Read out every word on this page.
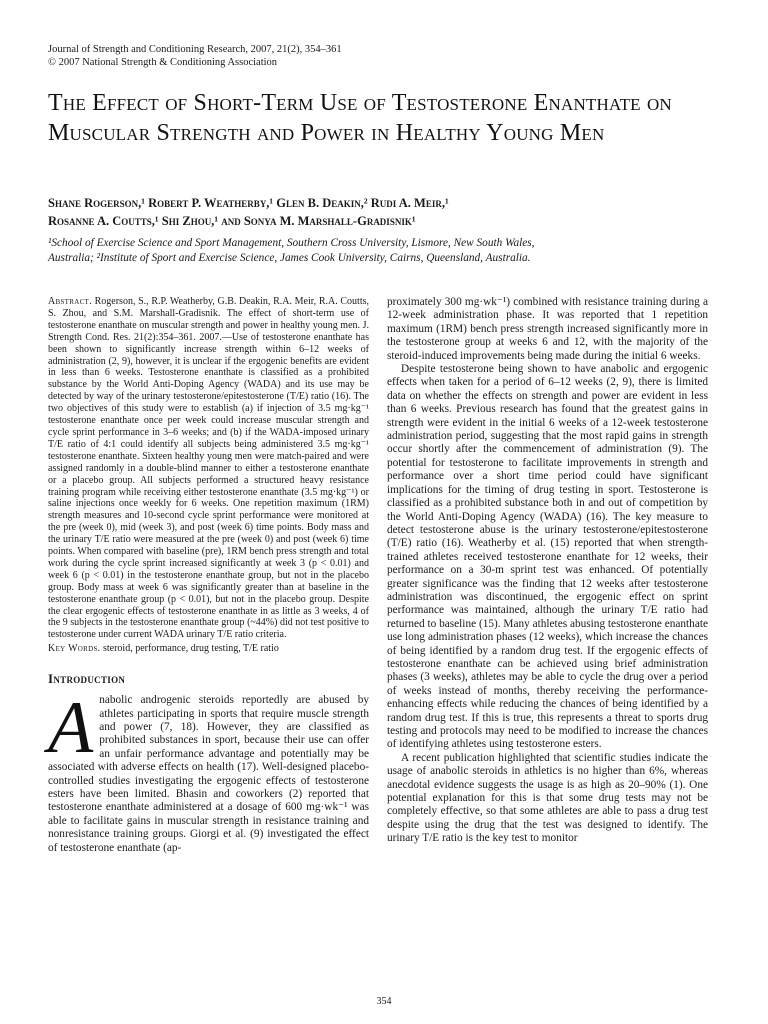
Journal of Strength and Conditioning Research, 2007, 21(2), 354–361
© 2007 National Strength & Conditioning Association
The Effect of Short-Term Use of Testosterone Enanthate on Muscular Strength and Power in Healthy Young Men
Shane Rogerson,¹ Robert P. Weatherby,¹ Glen B. Deakin,² Rudi A. Meir,¹
Rosanne A. Coutts,¹ Shi Zhou,¹ and Sonya M. Marshall-Gradisnik¹
¹School of Exercise Science and Sport Management, Southern Cross University, Lismore, New South Wales,
Australia; ²Institute of Sport and Exercise Science, James Cook University, Cairns, Queensland, Australia.
Abstract. Rogerson, S., R.P. Weatherby, G.B. Deakin, R.A. Meir, R.A. Coutts, S. Zhou, and S.M. Marshall-Gradisnik. The effect of short-term use of testosterone enanthate on muscular strength and power in healthy young men. J. Strength Cond. Res. 21(2):354–361. 2007.—Use of testosterone enanthate has been shown to significantly increase strength within 6–12 weeks of administration (2, 9), however, it is unclear if the ergogenic benefits are evident in less than 6 weeks. Testosterone enanthate is classified as a prohibited substance by the World Anti-Doping Agency (WADA) and its use may be detected by way of the urinary testosterone/epitestosterone (T/E) ratio (16). The two objectives of this study were to establish (a) if injection of 3.5 mg·kg⁻¹ testosterone enanthate once per week could increase muscular strength and cycle sprint performance in 3–6 weeks; and (b) if the WADA-imposed urinary T/E ratio of 4:1 could identify all subjects being administered 3.5 mg·kg⁻¹ testosterone enanthate. Sixteen healthy young men were match-paired and were assigned randomly in a double-blind manner to either a testosterone enanthate or a placebo group. All subjects performed a structured heavy resistance training program while receiving either testosterone enanthate (3.5 mg·kg⁻¹) or saline injections once weekly for 6 weeks. One repetition maximum (1RM) strength measures and 10-second cycle sprint performance were monitored at the pre (week 0), mid (week 3), and post (week 6) time points. Body mass and the urinary T/E ratio were measured at the pre (week 0) and post (week 6) time points. When compared with baseline (pre), 1RM bench press strength and total work during the cycle sprint increased significantly at week 3 (p < 0.01) and week 6 (p < 0.01) in the testosterone enanthate group, but not in the placebo group. Body mass at week 6 was significantly greater than at baseline in the testosterone enanthate group (p < 0.01), but not in the placebo group. Despite the clear ergogenic effects of testosterone enanthate in as little as 3 weeks, 4 of the 9 subjects in the testosterone enanthate group (~44%) did not test positive to testosterone under current WADA urinary T/E ratio criteria.
Key Words. steroid, performance, drug testing, T/E ratio
Introduction
A nabolic androgenic steroids reportedly are abused by athletes participating in sports that require muscle strength and power (7, 18). However, they are classified as prohibited substances in sport, because their use can offer an unfair performance advantage and potentially may be associated with adverse effects on health (17). Well-designed placebo-controlled studies investigating the ergogenic effects of testosterone esters have been limited. Bhasin and coworkers (2) reported that testosterone enanthate administered at a dosage of 600 mg·wk⁻¹ was able to facilitate gains in muscular strength in resistance training and nonresistance training groups. Giorgi et al. (9) investigated the effect of testosterone enanthate (ap-

proximately 300 mg·wk⁻¹) combined with resistance training during a 12-week administration phase. It was reported that 1 repetition maximum (1RM) bench press strength increased significantly more in the testosterone group at weeks 6 and 12, with the majority of the steroid-induced improvements being made during the initial 6 weeks.

Despite testosterone being shown to have anabolic and ergogenic effects when taken for a period of 6–12 weeks (2, 9), there is limited data on whether the effects on strength and power are evident in less than 6 weeks. Previous research has found that the greatest gains in strength were evident in the initial 6 weeks of a 12-week testosterone administration period, suggesting that the most rapid gains in strength occur shortly after the commencement of administration (9). The potential for testosterone to facilitate improvements in strength and performance over a short time period could have significant implications for the timing of drug testing in sport. Testosterone is classified as a prohibited substance both in and out of competition by the World Anti-Doping Agency (WADA) (16). The key measure to detect testosterone abuse is the urinary testosterone/epitestosterone (T/E) ratio (16). Weatherby et al. (15) reported that when strength-trained athletes received testosterone enanthate for 12 weeks, their performance on a 30-m sprint test was enhanced. Of potentially greater significance was the finding that 12 weeks after testosterone administration was discontinued, the ergogenic effect on sprint performance was maintained, although the urinary T/E ratio had returned to baseline (15). Many athletes abusing testosterone enanthate use long administration phases (12 weeks), which increase the chances of being identified by a random drug test. If the ergogenic effects of testosterone enanthate can be achieved using brief administration phases (3 weeks), athletes may be able to cycle the drug over a period of weeks instead of months, thereby receiving the performance-enhancing effects while reducing the chances of being identified by a random drug test. If this is true, this represents a threat to sports drug testing and protocols may need to be modified to increase the chances of identifying athletes using testosterone esters.

A recent publication highlighted that scientific studies indicate the usage of anabolic steroids in athletics is no higher than 6%, whereas anecdotal evidence suggests the usage is as high as 20–90% (1). One potential explanation for this is that some drug tests may not be completely effective, so that some athletes are able to pass a drug test despite using the drug that the test was designed to identify. The urinary T/E ratio is the key test to monitor

354
